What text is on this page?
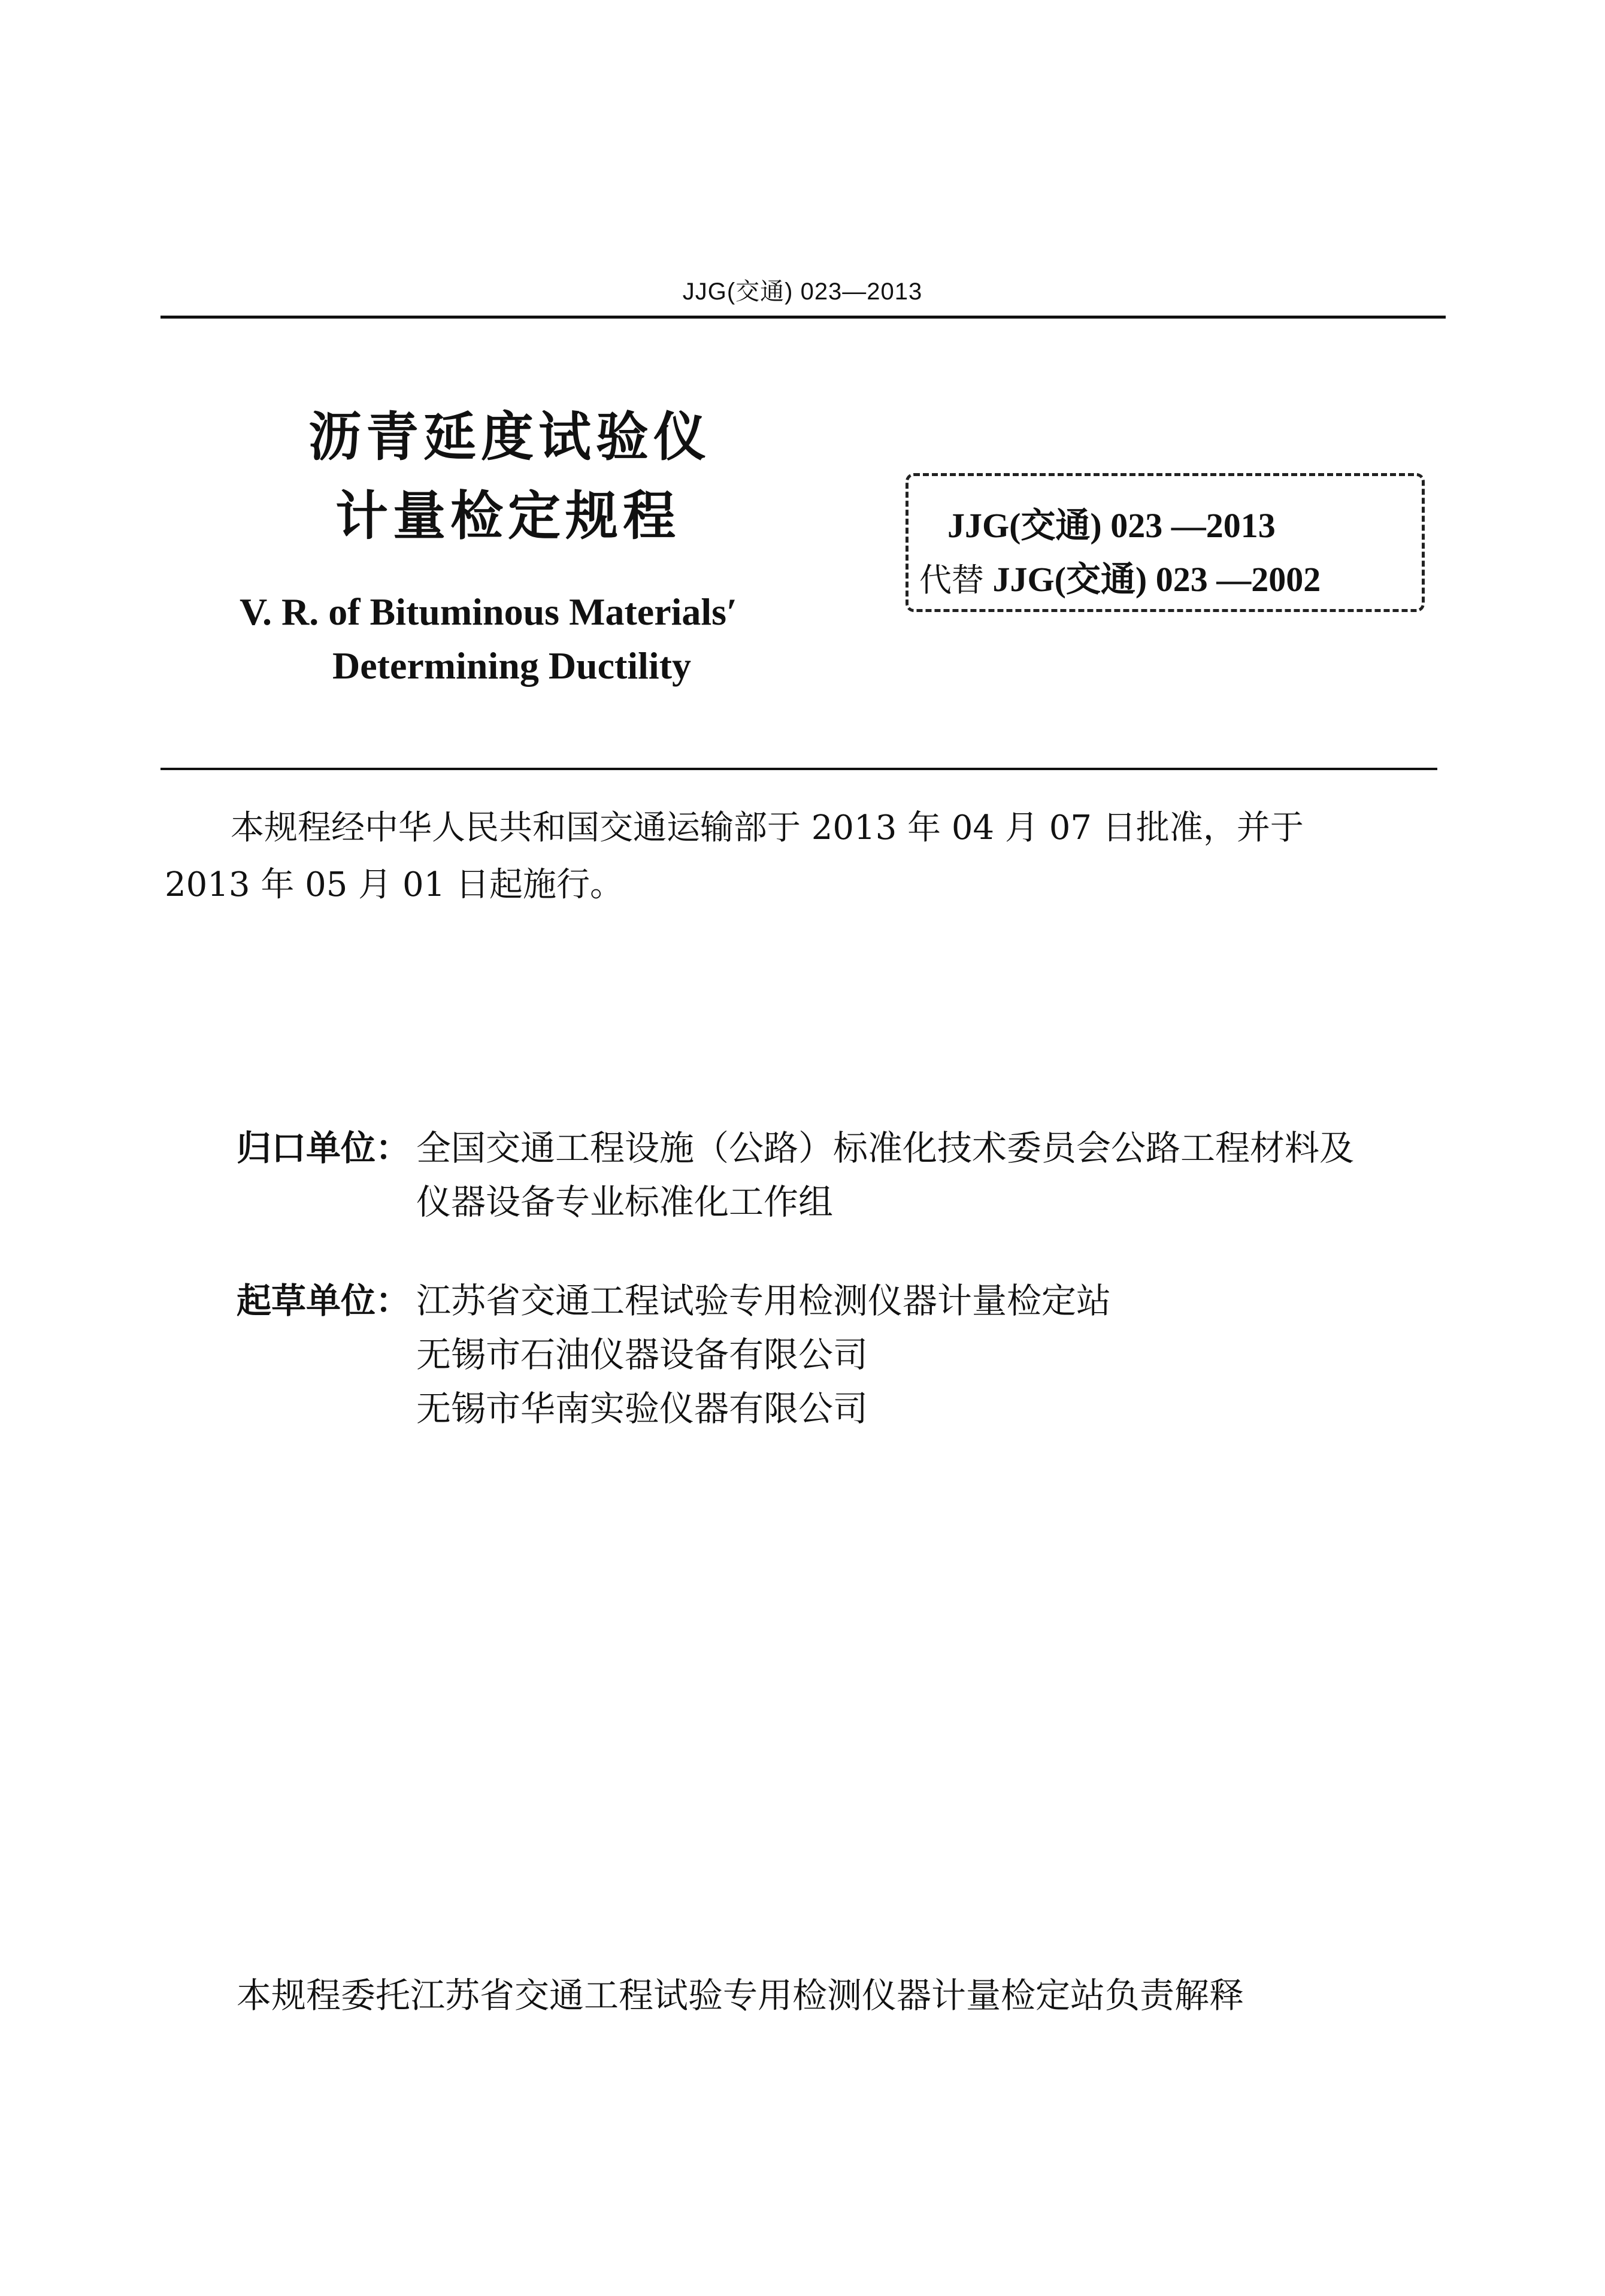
JJG(交通) 023—2013
沥青延度试验仪
计量检定规程
V. R. of Bituminous Materials′
Determining Ductility
JJG(交通) 023 —2013
代替 JJG(交通) 023 —2002
本规程经中华人民共和国交通运输部于 2013 年 04 月 07 日批准，并于
2013 年 05 月 01 日起施行。
归口单位： 全国交通工程设施（公路）标准化技术委员会公路工程材料及
仪器设备专业标准化工作组
起草单位： 江苏省交通工程试验专用检测仪器计量检定站
无锡市石油仪器设备有限公司
无锡市华南实验仪器有限公司
本规程委托江苏省交通工程试验专用检测仪器计量检定站负责解释
